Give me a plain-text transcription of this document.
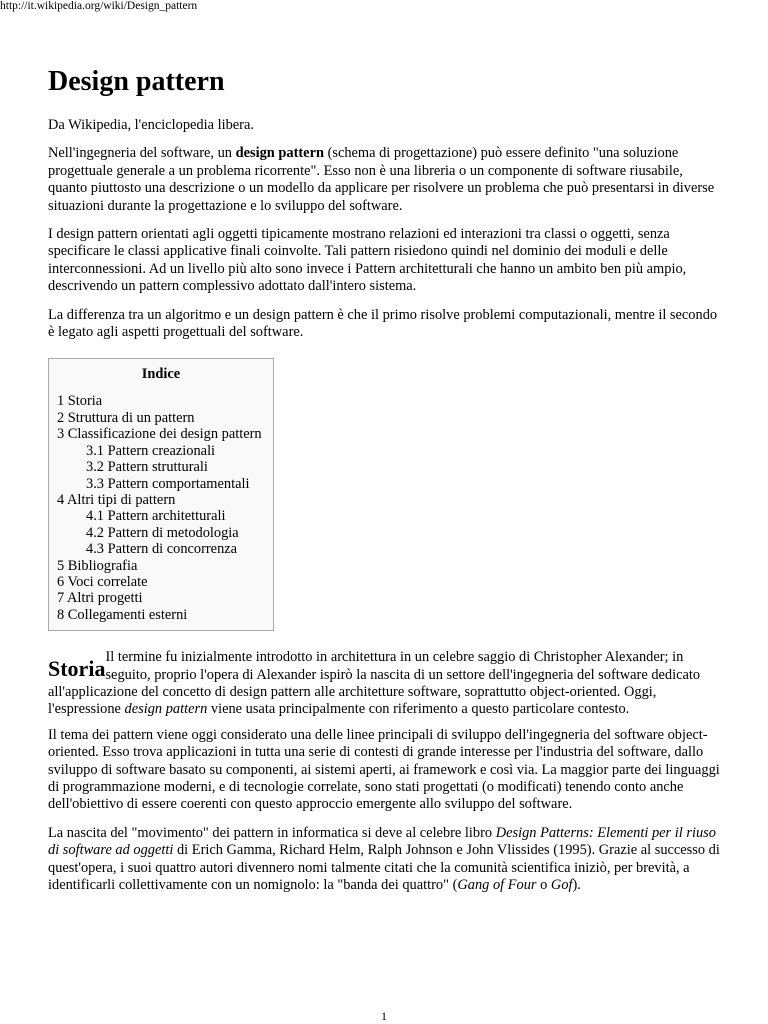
http://it.wikipedia.org/wiki/Design_pattern
Design pattern

Da Wikipedia, l'enciclopedia libera.

Nell'ingegneria del software, un design pattern (schema di progettazione) può essere definito "una soluzione progettuale generale a un problema ricorrente". Esso non è una libreria o un componente di software riusabile, quanto piuttosto una descrizione o un modello da applicare per risolvere un problema che può presentarsi in diverse situazioni durante la progettazione e lo sviluppo del software.

I design pattern orientati agli oggetti tipicamente mostrano relazioni ed interazioni tra classi o oggetti, senza specificare le classi applicative finali coinvolte. Tali pattern risiedono quindi nel dominio dei moduli e delle interconnessioni. Ad un livello più alto sono invece i Pattern architetturali che hanno un ambito ben più ampio, descrivendo un pattern complessivo adottato dall'intero sistema.

La differenza tra un algoritmo e un design pattern è che il primo risolve problemi computazionali, mentre il secondo è legato agli aspetti progettuali del software.

Indice
1 Storia
2 Struttura di un pattern
3 Classificazione dei design pattern
3.1 Pattern creazionali
3.2 Pattern strutturali
3.3 Pattern comportamentali
4 Altri tipi di pattern
4.1 Pattern architetturali
4.2 Pattern di metodologia
4.3 Pattern di concorrenza
5 Bibliografia
6 Voci correlate
7 Altri progetti
8 Collegamenti esterni
Storia Il termine fu inizialmente introdotto in architettura in un celebre saggio di Christopher Alexander; in seguito, proprio l'opera di Alexander ispirò la nascita di un settore dell'ingegneria del software dedicato all'applicazione del concetto di design pattern alle architetture software, soprattutto object-oriented. Oggi, l'espressione design pattern viene usata principalmente con riferimento a questo particolare contesto.

Il tema dei pattern viene oggi considerato una delle linee principali di sviluppo dell'ingegneria del software object-oriented. Esso trova applicazioni in tutta una serie di contesti di grande interesse per l'industria del software, dallo sviluppo di software basato su componenti, ai sistemi aperti, ai framework e così via. La maggior parte dei linguaggi di programmazione moderni, e di tecnologie correlate, sono stati progettati (o modificati) tenendo conto anche dell'obiettivo di essere coerenti con questo approccio emergente allo sviluppo del software.

La nascita del "movimento" dei pattern in informatica si deve al celebre libro Design Patterns: Elementi per il riuso di software ad oggetti di Erich Gamma, Richard Helm, Ralph Johnson e John Vlissides (1995). Grazie al successo di quest'opera, i suoi quattro autori divennero nomi talmente citati che la comunità scientifica iniziò, per brevità, a identificarli collettivamente con un nomignolo: la "banda dei quattro" (Gang of Four o Gof).

1
